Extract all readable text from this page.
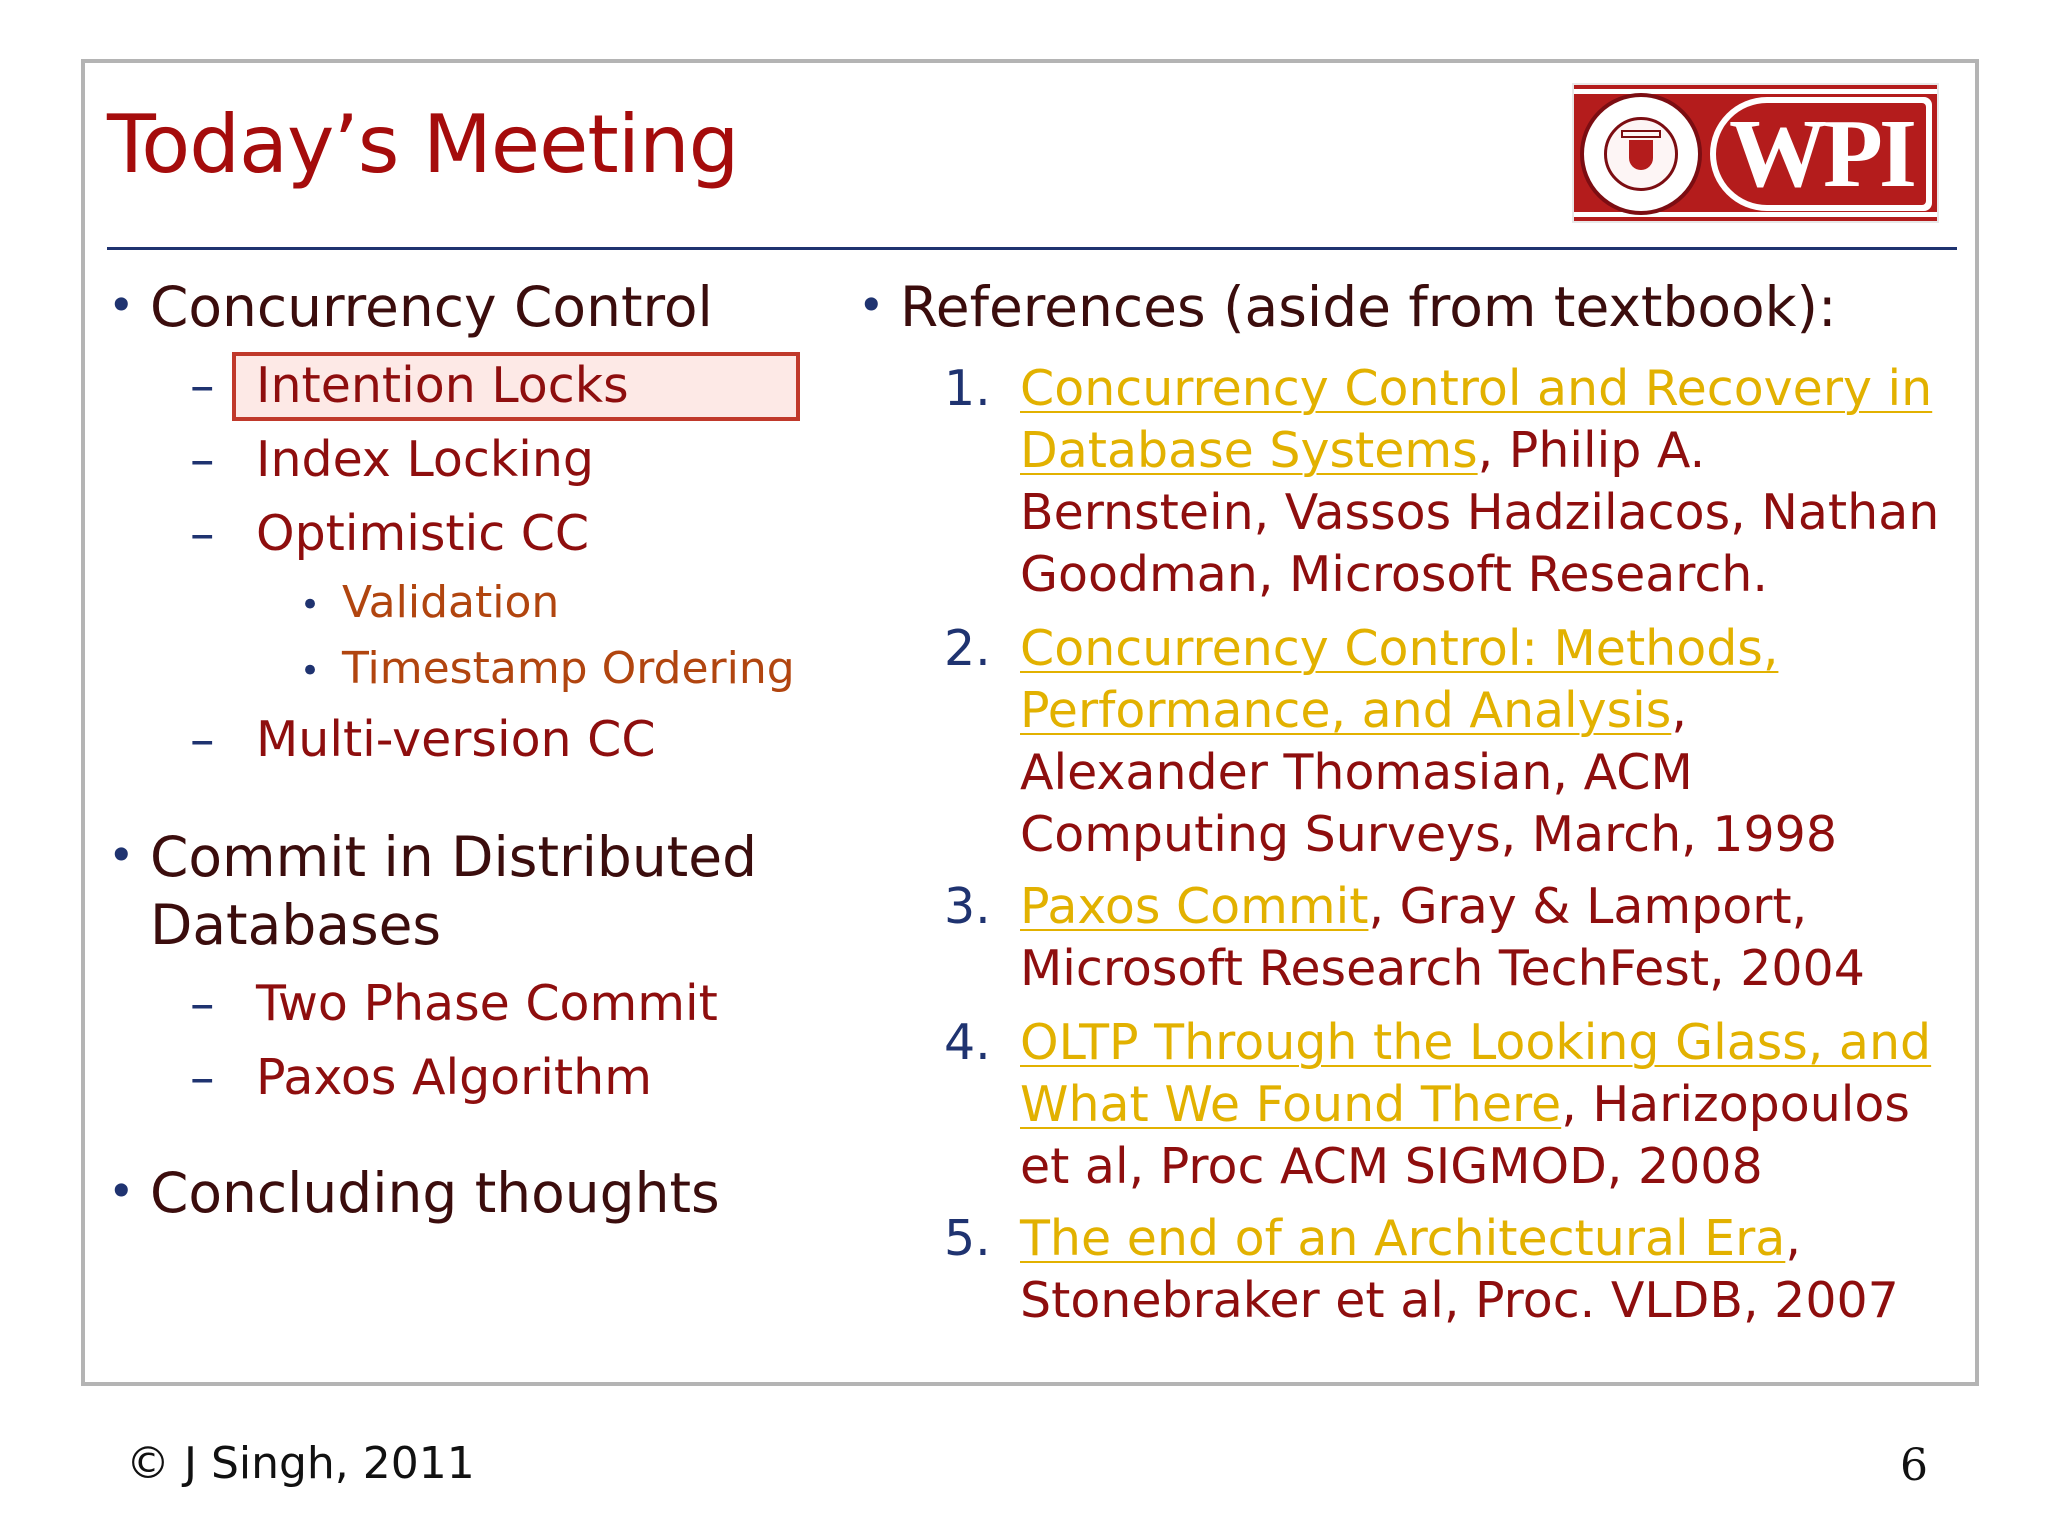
Today’s Meeting	WPI
• Concurrency Control
– Intention Locks
– Index Locking
– Optimistic CC
• Validation
• Timestamp Ordering
– Multi-version CC
• Commit in Distributed
Databases
– Two Phase Commit
– Paxos Algorithm
• Concluding thoughts
• References (aside from textbook):
1. Concurrency Control and Recovery in Database Systems, Philip A. Bernstein, Vassos Hadzilacos, Nathan Goodman, Microsoft Research.
2. Concurrency Control: Methods, Performance, and Analysis, Alexander Thomasian, ACM Computing Surveys, March, 1998
3. Paxos Commit, Gray & Lamport, Microsoft Research TechFest, 2004
4. OLTP Through the Looking Glass, and What We Found There, Harizopoulos et al, Proc ACM SIGMOD, 2008
5. The end of an Architectural Era, Stonebraker et al, Proc. VLDB, 2007
© J Singh, 2011	6
